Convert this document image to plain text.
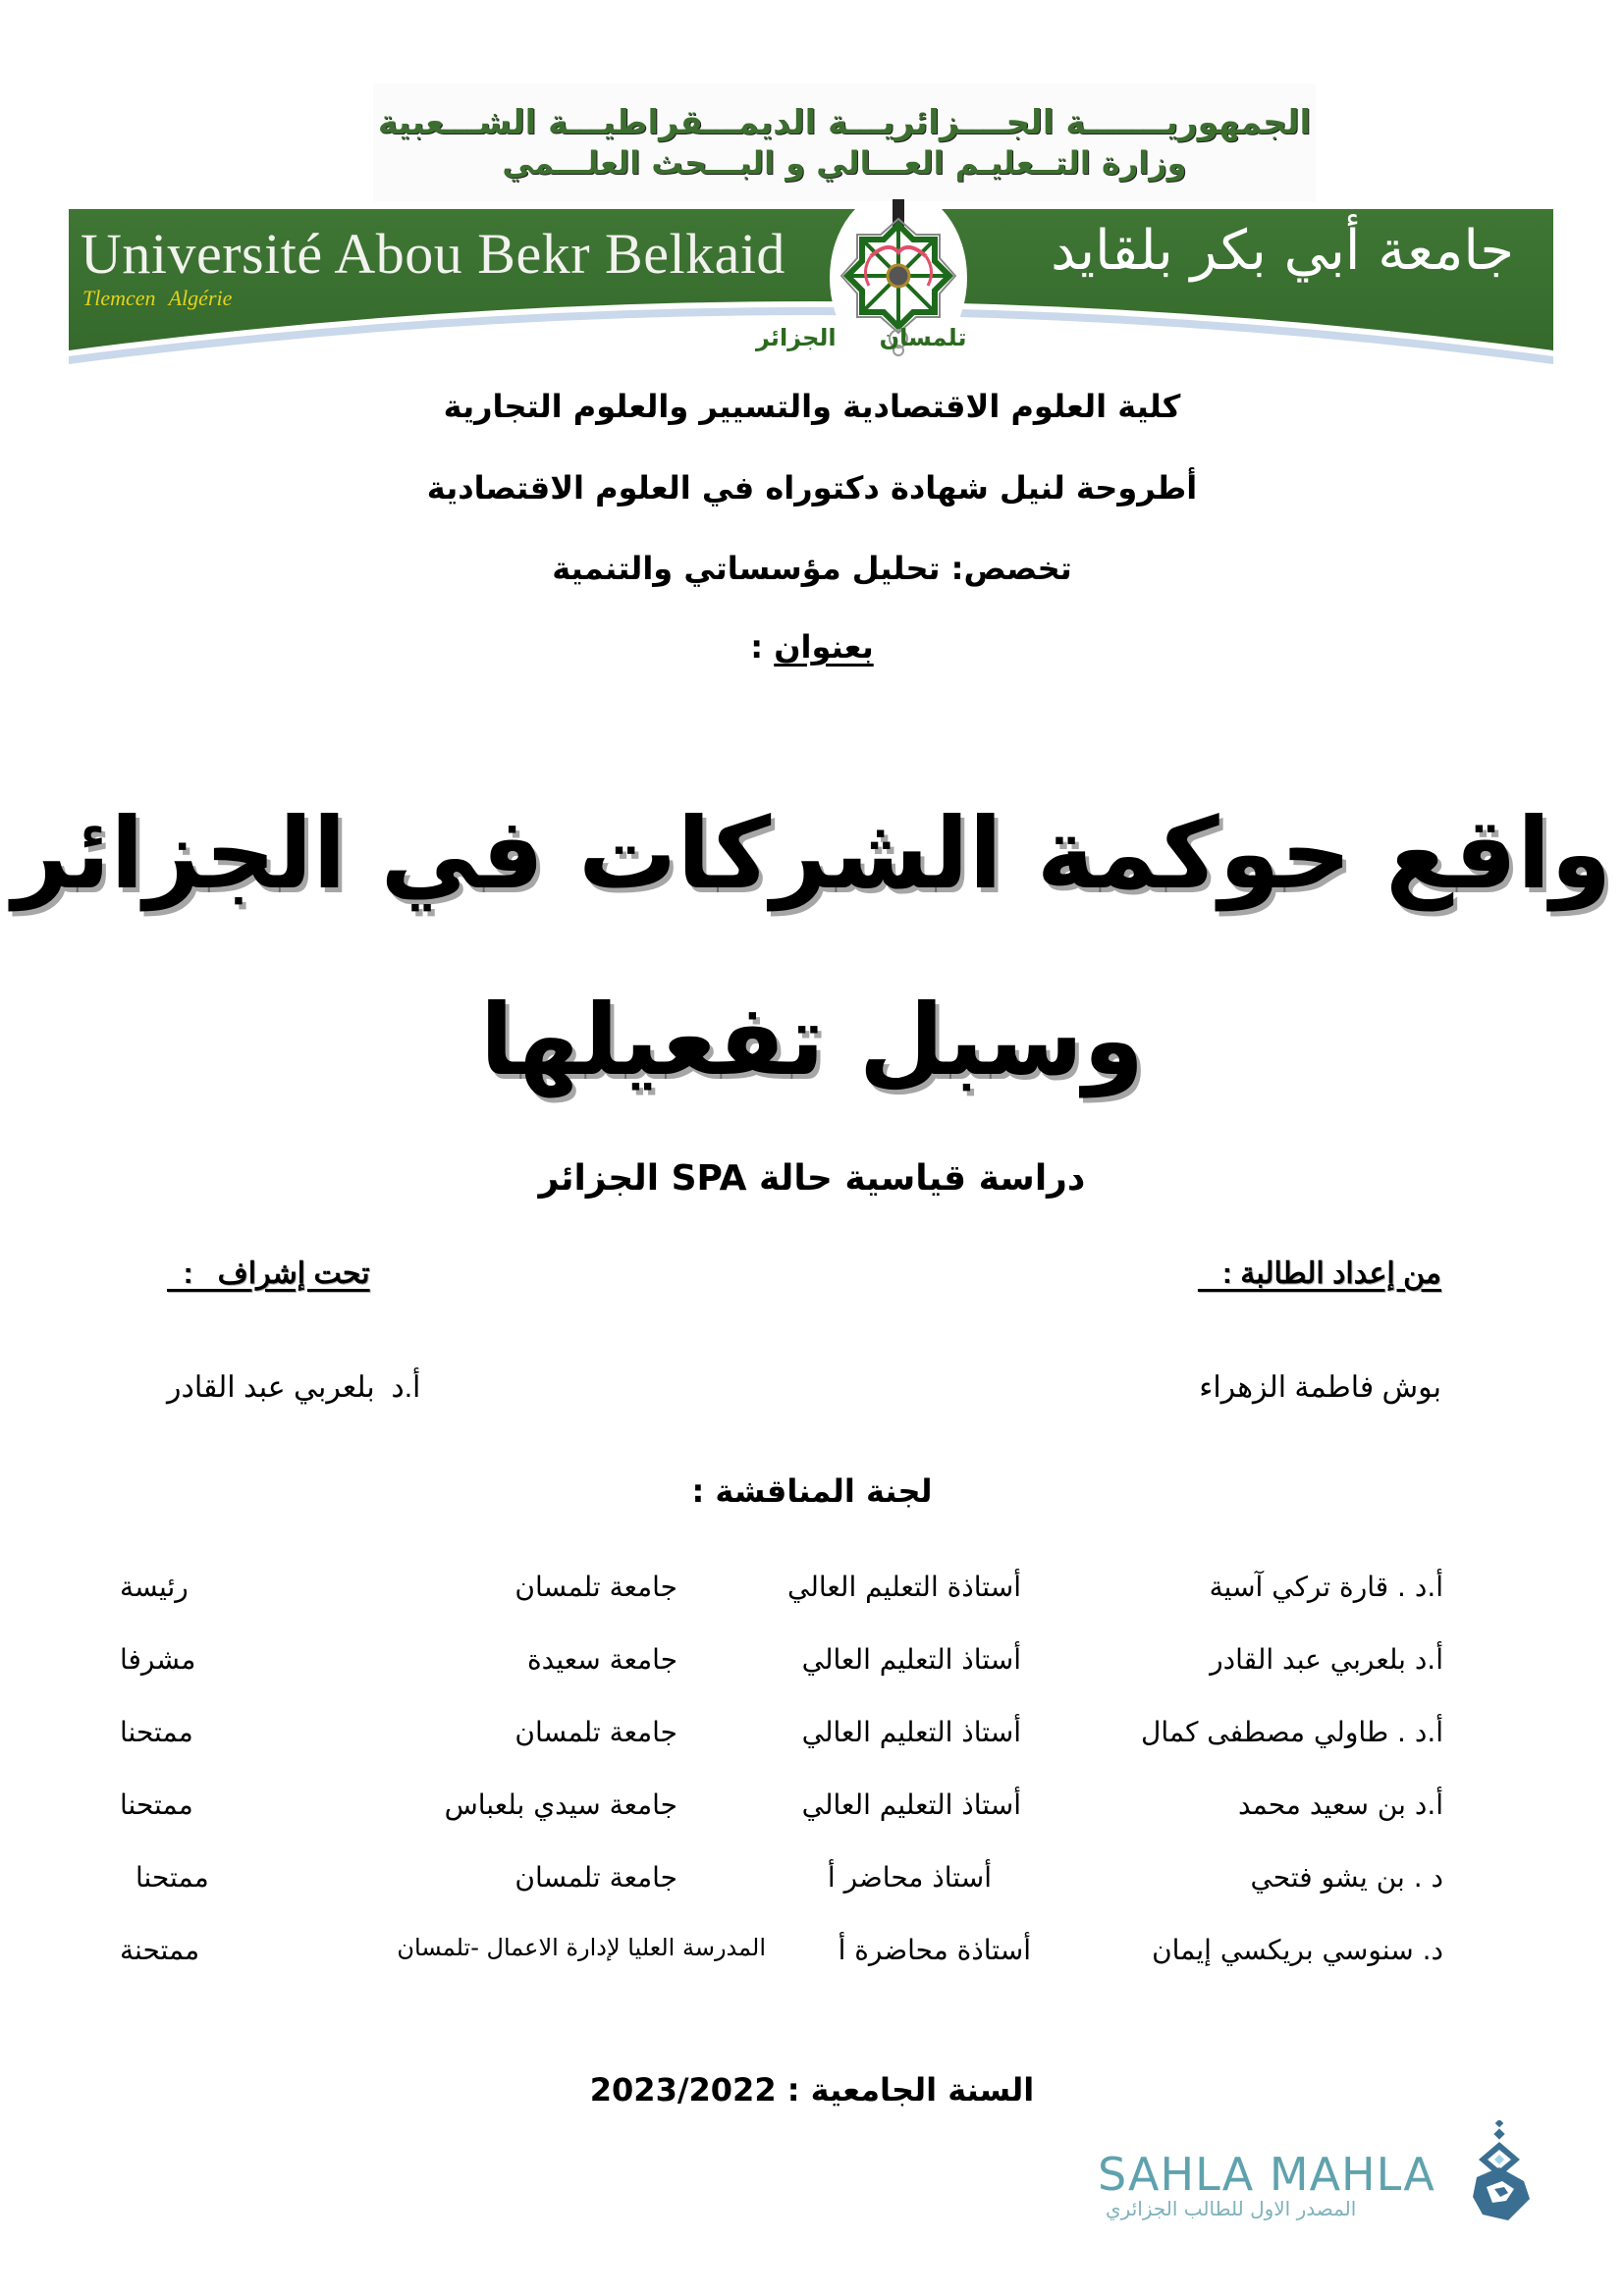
الجمهوريـــــــة الجــــزائريـــة الديمـــقراطيـــة الشـــعبية
وزارة التــعليـم العـــالي و البـــحث العلـــمي
Université Abou Bekr Belkaid
Tlemcen Algérie
جامعة أبي بكر بلقايد
تلمسانالجزائر
كلية العلوم الاقتصادية والتسيير والعلوم التجارية
أطروحة لنيل شهادة دكتوراه في العلوم الاقتصادية
تخصص: تحليل مؤسساتي والتنمية
بعنوان :
واقع حوكمة الشركات في الجزائر
وسبل تفعيلها
دراسة قياسية حالة SPA الجزائر
من إعداد الطالبة :
تحت إشراف   :
بوش فاطمة الزهراء
أ.د  بلعربي عبد القادر
لجنة المناقشة :
أ.د . قارة تركي آسية
أستاذة التعليم العالي
جامعة تلمسان
رئيسة
أ.د بلعربي عبد القادر
أستاذ التعليم العالي
جامعة سعيدة
مشرفا
أ.د . طاولي مصطفى كمال
أستاذ التعليم العالي
جامعة تلمسان
ممتحنا
أ.د بن سعيد محمد
أستاذ التعليم العالي
جامعة سيدي بلعباس
ممتحنا
د . بن يشو فتحي
أستاذ محاضر أ
جامعة تلمسان
ممتحنا
د. سنوسي بريكسي إيمان
أستاذة محاضرة أ
المدرسة العليا لإدارة الاعمال -تلمسان
ممتحنة
السنة الجامعية : 2023/2022
SAHLA MAHLA
المصدر الاول للطالب الجزائري
